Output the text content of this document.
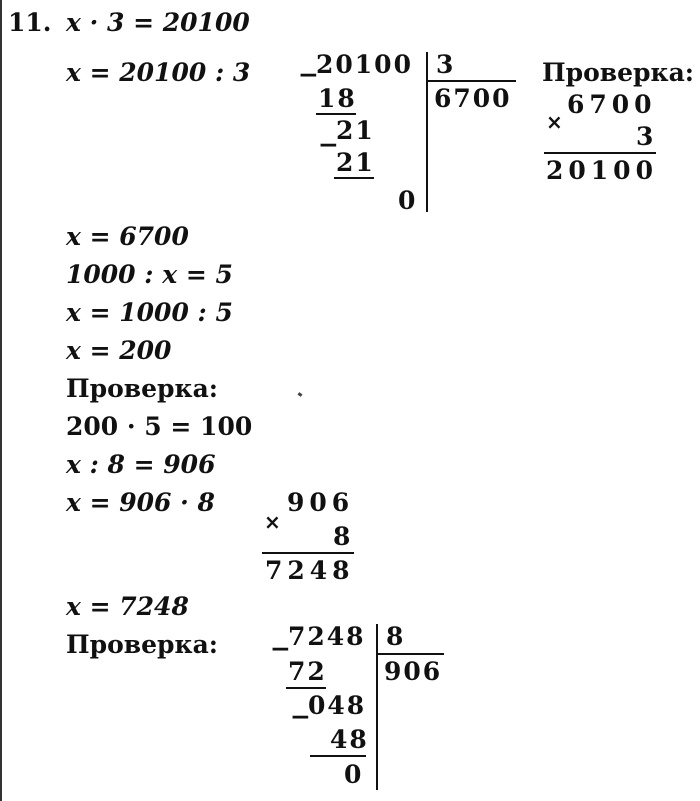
11. x · 3 = 20100
x = 20100 : 3
x = 6700
1000 : x = 5
x = 1000 : 5
x = 200
Проверка:
200 · 5 = 100
x : 8 = 906
x = 906 · 8
x = 7248
Проверка:
−
20100 3
6700
18
−
21
21
0
Проверка:
×
6700
3
20100
×
906
8
7248
−
7248 8
906
72
−
048
48
0
